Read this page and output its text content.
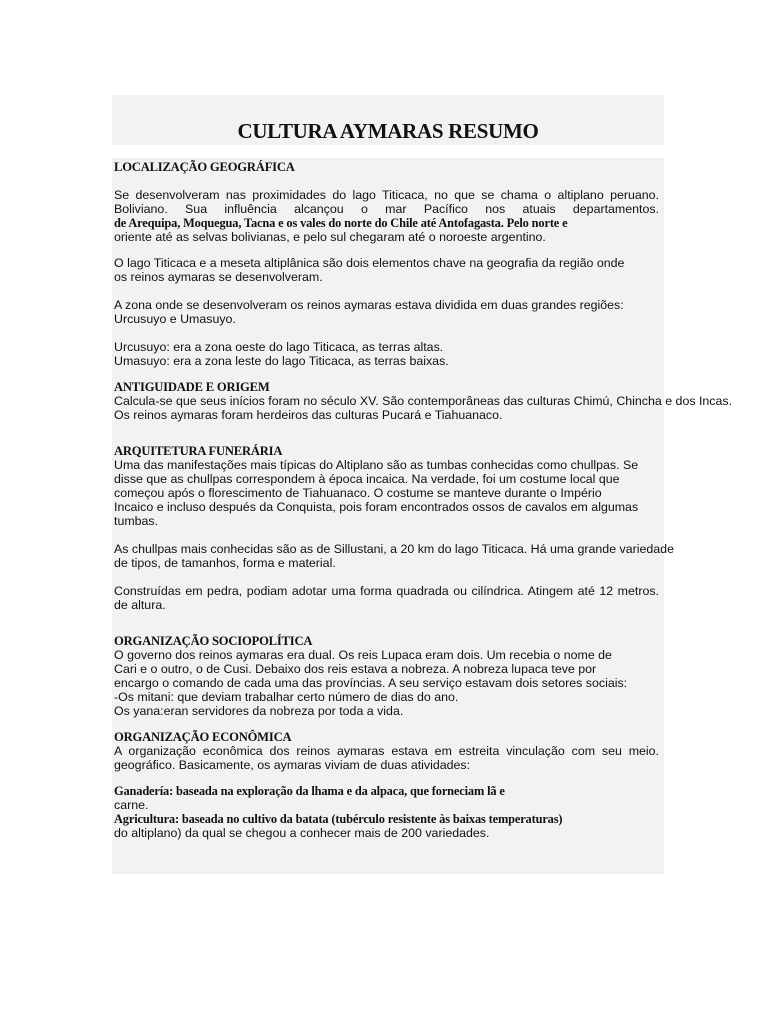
CULTURA AYMARAS RESUMO
LOCALIZAÇÃO GEOGRÁFICA
Se desenvolveram nas proximidades do lago Titicaca, no que se chama o altiplano peruano.
Boliviano. Sua influência alcançou o mar Pacífico nos atuais departamentos.
de Arequipa, Moquegua, Tacna e os vales do norte do Chile até Antofagasta. Pelo norte e
oriente até as selvas bolivianas, e pelo sul chegaram até o noroeste argentino.
O lago Titicaca e a meseta altiplânica são dois elementos chave na geografia da região onde
os reinos aymaras se desenvolveram.
A zona onde se desenvolveram os reinos aymaras estava dividida em duas grandes regiões:
Urcusuyo e Umasuyo.
Urcusuyo: era a zona oeste do lago Titicaca, as terras altas.
Umasuyo: era a zona leste do lago Titicaca, as terras baixas.
ANTIGUIDADE E ORIGEM
Calcula-se que seus inícios foram no século XV. São contemporâneas das culturas Chimú, Chincha e dos Incas.
Os reinos aymaras foram herdeiros das culturas Pucará e Tiahuanaco.
ARQUITETURA FUNERÁRIA
Uma das manifestações mais típicas do Altiplano são as tumbas conhecidas como chullpas. Se
disse que as chullpas correspondem à época incaica. Na verdade, foi um costume local que
começou após o florescimento de Tiahuanaco. O costume se manteve durante o Império
Incaico e incluso después da Conquista, pois foram encontrados ossos de cavalos em algumas
tumbas.
As chullpas mais conhecidas são as de Sillustani, a 20 km do lago Titicaca. Há uma grande variedade
de tipos, de tamanhos, forma e material.
Construídas em pedra, podiam adotar uma forma quadrada ou cilíndrica. Atingem até 12 metros.
de altura.
ORGANIZAÇÃO SOCIOPOLÍTICA
O governo dos reinos aymaras era dual. Os reis Lupaca eram dois. Um recebia o nome de
Cari e o outro, o de Cusi. Debaixo dos reis estava a nobreza. A nobreza lupaca teve por
encargo o comando de cada uma das províncias. A seu serviço estavam dois setores sociais:
-Os mitani: que deviam trabalhar certo número de dias do ano.
Os yana:eran servidores da nobreza por toda a vida.
ORGANIZAÇÃO ECONÔMICA
A organização econômica dos reinos aymaras estava em estreita vinculação com seu meio.
geográfico. Basicamente, os aymaras viviam de duas atividades:
Ganadería: baseada na exploração da lhama e da alpaca, que forneciam lã e
carne.
Agricultura: baseada no cultivo da batata (tubérculo resistente às baixas temperaturas)
do altiplano) da qual se chegou a conhecer mais de 200 variedades.
